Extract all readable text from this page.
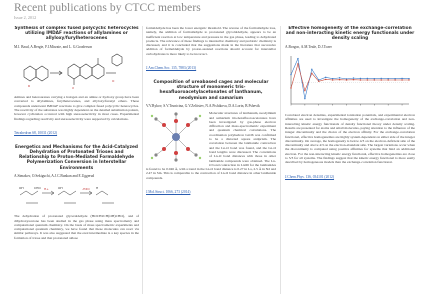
Recent publications by CTCC members
Issue 2, 2012
Synthesis of complex fused polycyclic heterocycles utilizing IMDAF reactions of allylamines or allyloxy/furylheterocenes
M.I. Bzud, A.Bergie, F.I.Mirzaie, and L. G.Gooderson
R	X
O
Amines and heteroarenes carrying a halogen and an amine or hydroxy group have been converted to allylamines, furylheterocenes, and allyloxy/furanyl ethers. These compounds underwent IMDAF reactions to give complex fused polycyclic heterocycles. The reactivity of the substrates was highly dependent on the detailed substitution pattern, however cyclization occurred with high stereoselectivity in most cases. Experimental findings regarding reactivity and stereoselectivity were supported by calculations.
Tetrahedron 68, 10031 (2012)
Energetics and Mechanisms for the Acid-Catalyzed Dehydration of Protonated Trioses and Relationship to Proton-Mediated Formaldehyde Polymerization Conversion in Interstellar Environments
A.Simakov, O.Sekiguchi, A.J.C.Bunkan and E.Uggerud
OH	CHO	OH	H
H+	-H2O
The dehydration of protonated glyceraldehyde (HOCH2CH(OH)CHO), and of dihydroxyacetone has been studied in the gas phase using mass spectrometry and computational quantum chemistry. On the basis of mass spectrometric experiments and computational quantum chemistry, we have found that these molecules can react via similar pathways. It was also suggested that the enol intermediate is a key species in the formation of triose and that protonated aldose
formaldehyde has been the lower energetic threshold. The reverse of the formaldehyde loss, namely, the addition of formaldehyde to protonated glycolaldehyde, appears to be an inefficient reaction at low temperature and pressure in the gas phase, leading to dehydrated products. The relevance of these findings to interstellar chemistry and prebiotic chemistry is discussed, and it is concluded that the suggestions made in the literature that successive addition of formaldehyde by proton-assisted reactions should account for interstellar carbohydrates is more likely to be incorrect.
J.Am.Chem.Soc. 135, 7883 (2013)
Composition of ureabased cages and molecular structure of monomeric tris-hexafluoroacetylacetonates of lanthanum, neodymium and samarium
V.V.Bykov, S.V.Trunicina, G.V.Zelitsiev, N.A.Pishikova, D.A.Lorin, B.Pshevik
Molecular structures of lanthanum, neodymium and samarium tris-hexafluoroacetonates have been investigated by gas-phase electron diffraction and mass-spectrometric experiment and quantum chemical calculations. The coordination polyhedron LnO6 was confirmed to be a distorted square antiprism. The correlation between the lanthanide contraction and the Ln-O bond was found, and the Ln-O bond lengths were discussed. The correlations of Ln-O bond distances with those in other lanthanide compounds were obtained. The Ln-O bond contraction in LnO6 for the lanthanides is found to be 0.046 Å, with a trend in the Ln-O bond distance is 0.27 in La, 2.5 Å in Nd and 2.47 in Sm. This is comparable to the contraction of Ln-O bond distance in other lanthanide compounds.
J.Mol.Struct. 1066, 273 (2014)
Effective homogeneity of the exchange-correlation and non-interacting kinetic energy functionals under density scaling
A.Borgoo, A.M.Teale, D.J.Tozer
Correlated electron densities, experimental ionization potentials, and experimental electron affinities are used to investigate the homogeneity of the exchange-correlation and non-interacting kinetic energy functionals of density functional theory under density scaling. Results are presented for atoms and small molecules, paying attention to the influence of the integer discontinuity and the choice of the electron affinity. For the exchange-correlation functional, effective homogeneities are highly system-dependent on either side of the integer discontinuity. On average, the homogeneity is below 4/3 on the electron-deficient side of the discontinuity and above 4/3 on the electron-abundant side. The largest variations occur when the discontinuity is computed using positive affinities for systems that bind an additional electron. For the non-interacting kinetic energy functional, effective homogeneities are close to 5/3 for all systems. The findings suggest that the kinetic energy functional is more easily described by homogeneous models than the exchange-correlation functional.
J.Chem.Phys. 136, 034101 (2012)
